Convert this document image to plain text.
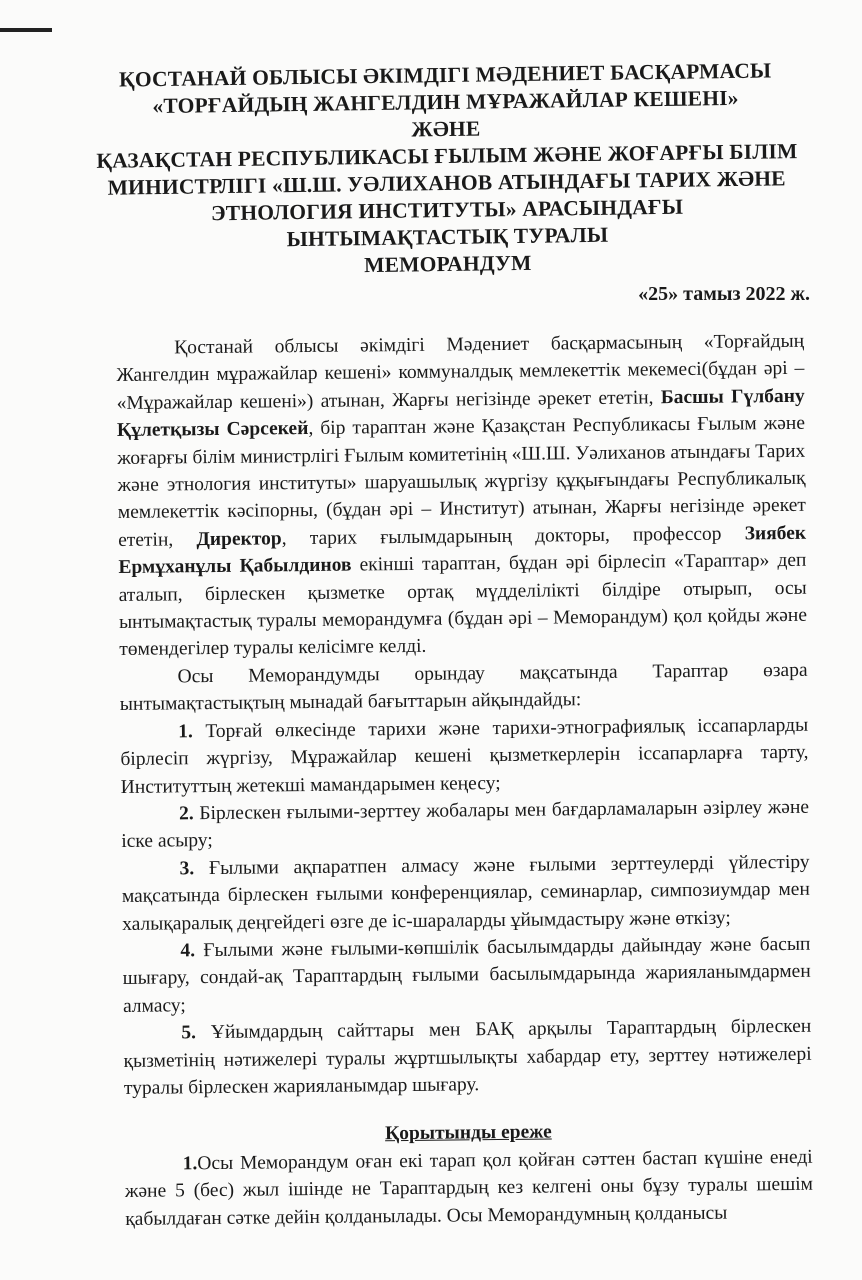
ҚОСТАНАЙ ОБЛЫСЫ ӘКІМДІГІ МӘДЕНИЕТ БАСҚАРМАСЫ
«ТОРҒАЙДЫҢ ЖАНГЕЛДИН МҰРАЖАЙЛАР КЕШЕНІ»
ЖӘНЕ
ҚАЗАҚСТАН РЕСПУБЛИКАСЫ ҒЫЛЫМ ЖӘНЕ ЖОҒАРҒЫ БІЛІМ
МИНИСТРЛІГІ «Ш.Ш. УӘЛИХАНОВ АТЫНДАҒЫ ТАРИХ ЖӘНЕ
ЭТНОЛОГИЯ ИНСТИТУТЫ» АРАСЫНДАҒЫ
ЫНТЫМАҚТАСТЫҚ ТУРАЛЫ
МЕМОРАНДУМ
«25» тамыз 2022 ж.

Қостанай облысы әкімдігі Мәдениет басқармасының «Торғайдың Жангелдин мұражайлар кешені» коммуналдық мемлекеттік мекемесі(бұдан әрі – «Мұражайлар кешені») атынан, Жарғы негізінде әрекет ететін, Басшы Гүлбану Құлетқызы Сәрсекей, бір тараптан және Қазақстан Республикасы Ғылым және жоғарғы білім министрлігі Ғылым комитетінің «Ш.Ш. Уәлиханов атындағы Тарих және этнология институты» шаруашылық жүргізу құқығындағы Республикалық мемлекеттік кәсіпорны, (бұдан әрі – Институт) атынан, Жарғы негізінде әрекет ететін, Директор, тарих ғылымдарының докторы, профессор Зиябек Ермұханұлы Қабылдинов екінші тараптан, бұдан әрі бірлесіп «Тараптар» деп аталып, бірлескен қызметке ортақ мүдделілікті білдіре отырып, осы ынтымақтастық туралы меморандумға (бұдан әрі – Меморандум) қол қойды және төмендегілер туралы келісімге келді.

Осы Меморандумды орындау мақсатында Тараптар өзара ынтымақтастықтың мынадай бағыттарын айқындайды:

1. Торғай өлкесінде тарихи және тарихи-этнографиялық іссапарларды бірлесіп жүргізу, Мұражайлар кешені қызметкерлерін іссапарларға тарту, Институттың жетекші мамандарымен кеңесу;

2. Бірлескен ғылыми-зерттеу жобалары мен бағдарламаларын әзірлеу және іске асыру;

3. Ғылыми ақпаратпен алмасу және ғылыми зерттеулерді үйлестіру мақсатында бірлескен ғылыми конференциялар, семинарлар, симпозиумдар мен халықаралық деңгейдегі өзге де іс-шараларды ұйымдастыру және өткізу;

4. Ғылыми және ғылыми-көпшілік басылымдарды дайындау және басып шығару, сондай-ақ Тараптардың ғылыми басылымдарында жарияланымдармен алмасу;

5. Ұйымдардың сайттары мен БАҚ арқылы Тараптардың бірлескен қызметінің нәтижелері туралы жұртшылықты хабардар ету, зерттеу нәтижелері туралы бірлескен жарияланымдар шығару.

Қорытынды ереже

1.Осы Меморандум оған екі тарап қол қойған сәттен бастап күшіне енеді және 5 (бес) жыл ішінде не Тараптардың кез келгені оны бұзу туралы шешім қабылдаған сәтке дейін қолданылады. Осы Меморандумның қолданысы
